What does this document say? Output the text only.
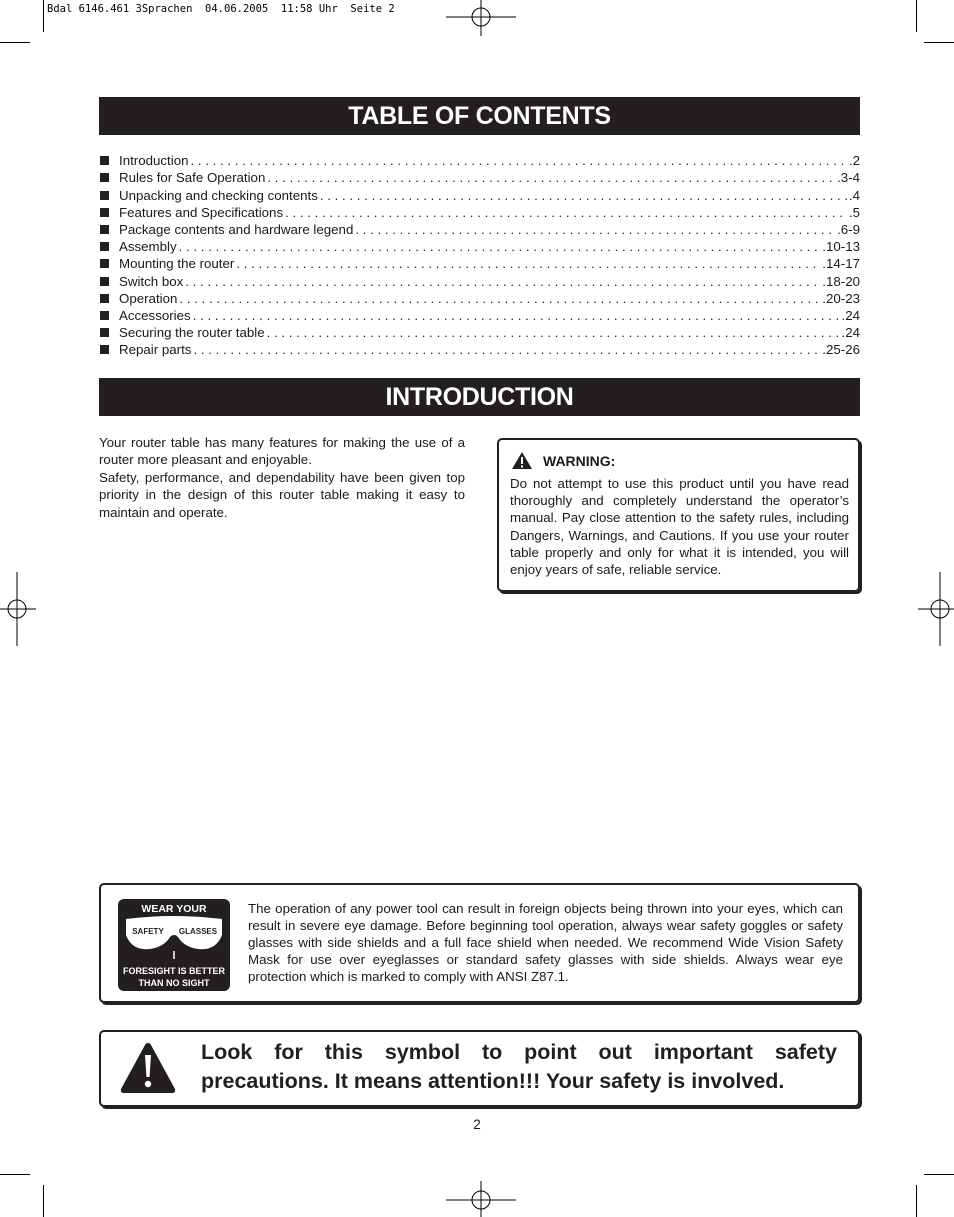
Bdal 6146.461 3Sprachen  04.06.2005  11:58 Uhr  Seite 2
TABLE OF CONTENTS
Introduction . . .	.2
Rules for Safe Operation . . .	.3-4
Unpacking and checking contents . . .	.4
Features and Specifications . . .	.5
Package contents and hardware legend . . .	.6-9
Assembly . . .	.10-13
Mounting the router . . .	.14-17
Switch box . . .	.18-20
Operation . . .	.20-23
Accessories . . .	.24
Securing the router table . . .	.24
Repair parts . . .	.25-26
INTRODUCTION

Your router table has many features for making the use of a router more pleasant and enjoyable.

Safety, performance, and dependability have been given top priority in the design of this router table making it easy to maintain and operate.

WARNING:

Do not attempt to use this product until you have read thoroughly and completely understand the operator’s manual. Pay close attention to the safety rules, including Dangers, Warnings, and Cautions. If you use your router table properly and only for what it is intended, you will enjoy years of safe, reliable service.

WEAR YOUR
SAFETY GLASSES
FORESIGHT IS BETTER
THAN NO SIGHT

The operation of any power tool can result in foreign objects being thrown into your eyes, which can result in severe eye damage. Before beginning tool operation, always wear safety goggles or safety glasses with side shields and a full face shield when needed. We recommend Wide Vision Safety Mask for use over eyeglasses or standard safety glasses with side shields. Always wear eye protection which is marked to comply with ANSI Z87.1.

Look for this symbol to point out important safety precautions. It means attention!!! Your safety is involved.

2
